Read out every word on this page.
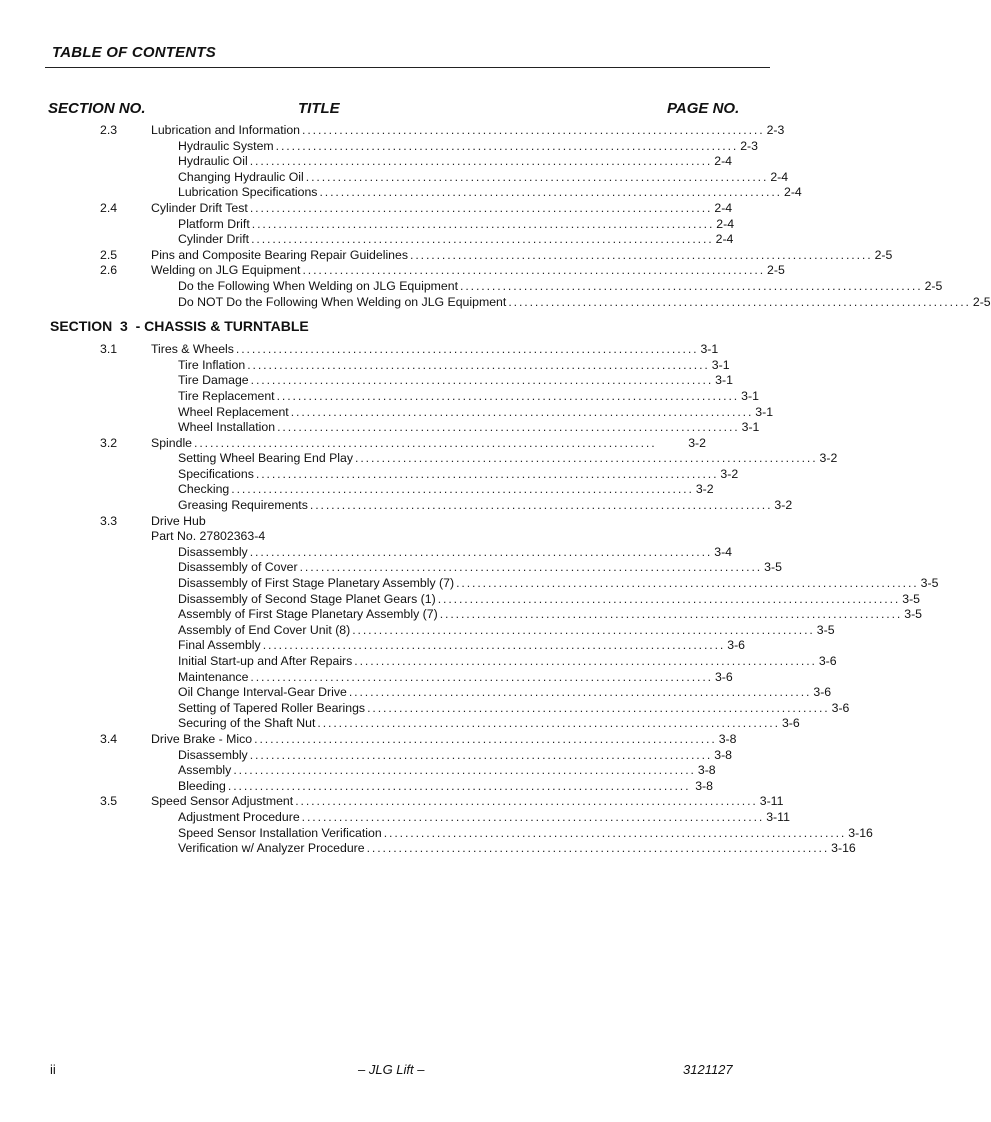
TABLE OF CONTENTS
SECTION NO.	TITLE	PAGE NO.
2.3	Lubrication and Information ....................................................................................... 2-3
Hydraulic System ....................................................................................... 2-3
Hydraulic Oil ....................................................................................... 2-4
Changing Hydraulic Oil ....................................................................................... 2-4
Lubrication Specifications ....................................................................................... 2-4
2.4	Cylinder Drift Test ....................................................................................... 2-4
Platform Drift ....................................................................................... 2-4
Cylinder Drift ....................................................................................... 2-4
2.5	Pins and Composite Bearing Repair Guidelines ....................................................................................... 2-5
2.6	Welding on JLG Equipment ....................................................................................... 2-5
Do the Following When Welding on JLG Equipment ....................................................................................... 2-5
Do NOT Do the Following When Welding on JLG Equipment ....................................................................................... 2-5
SECTION  3  - CHASSIS & TURNTABLE
3.1	Tires & Wheels ....................................................................................... 3-1
Tire Inflation ....................................................................................... 3-1
Tire Damage ....................................................................................... 3-1
Tire Replacement ....................................................................................... 3-1
Wheel Replacement ....................................................................................... 3-1
Wheel Installation ....................................................................................... 3-1
3.2	Spindle .......................................................................................	3-2
Setting Wheel Bearing End Play ....................................................................................... 3-2
Specifications ....................................................................................... 3-2
Checking ....................................................................................... 3-2
Greasing Requirements ....................................................................................... 3-2
3.3	Drive Hub
Part No. 27802363-4
Disassembly ....................................................................................... 3-4
Disassembly of Cover ....................................................................................... 3-5
Disassembly of First Stage Planetary Assembly (7) ....................................................................................... 3-5
Disassembly of Second Stage Planet Gears (1) ....................................................................................... 3-5
Assembly of First Stage Planetary Assembly (7) ....................................................................................... 3-5
Assembly of End Cover Unit (8) ....................................................................................... 3-5
Final Assembly ....................................................................................... 3-6
Initial Start-up and After Repairs ....................................................................................... 3-6
Maintenance ....................................................................................... 3-6
Oil Change Interval-Gear Drive ....................................................................................... 3-6
Setting of Tapered Roller Bearings ....................................................................................... 3-6
Securing of the Shaft Nut ....................................................................................... 3-6
3.4	Drive Brake - Mico ....................................................................................... 3-8
Disassembly ....................................................................................... 3-8
Assembly ....................................................................................... 3-8
Bleeding ....................................................................................... 3-8
3.5	Speed Sensor Adjustment ....................................................................................... 3-11
Adjustment Procedure ....................................................................................... 3-11
Speed Sensor Installation Verification ....................................................................................... 3-16
Verification w/ Analyzer Procedure ....................................................................................... 3-16
ii	– JLG Lift –	3121127
